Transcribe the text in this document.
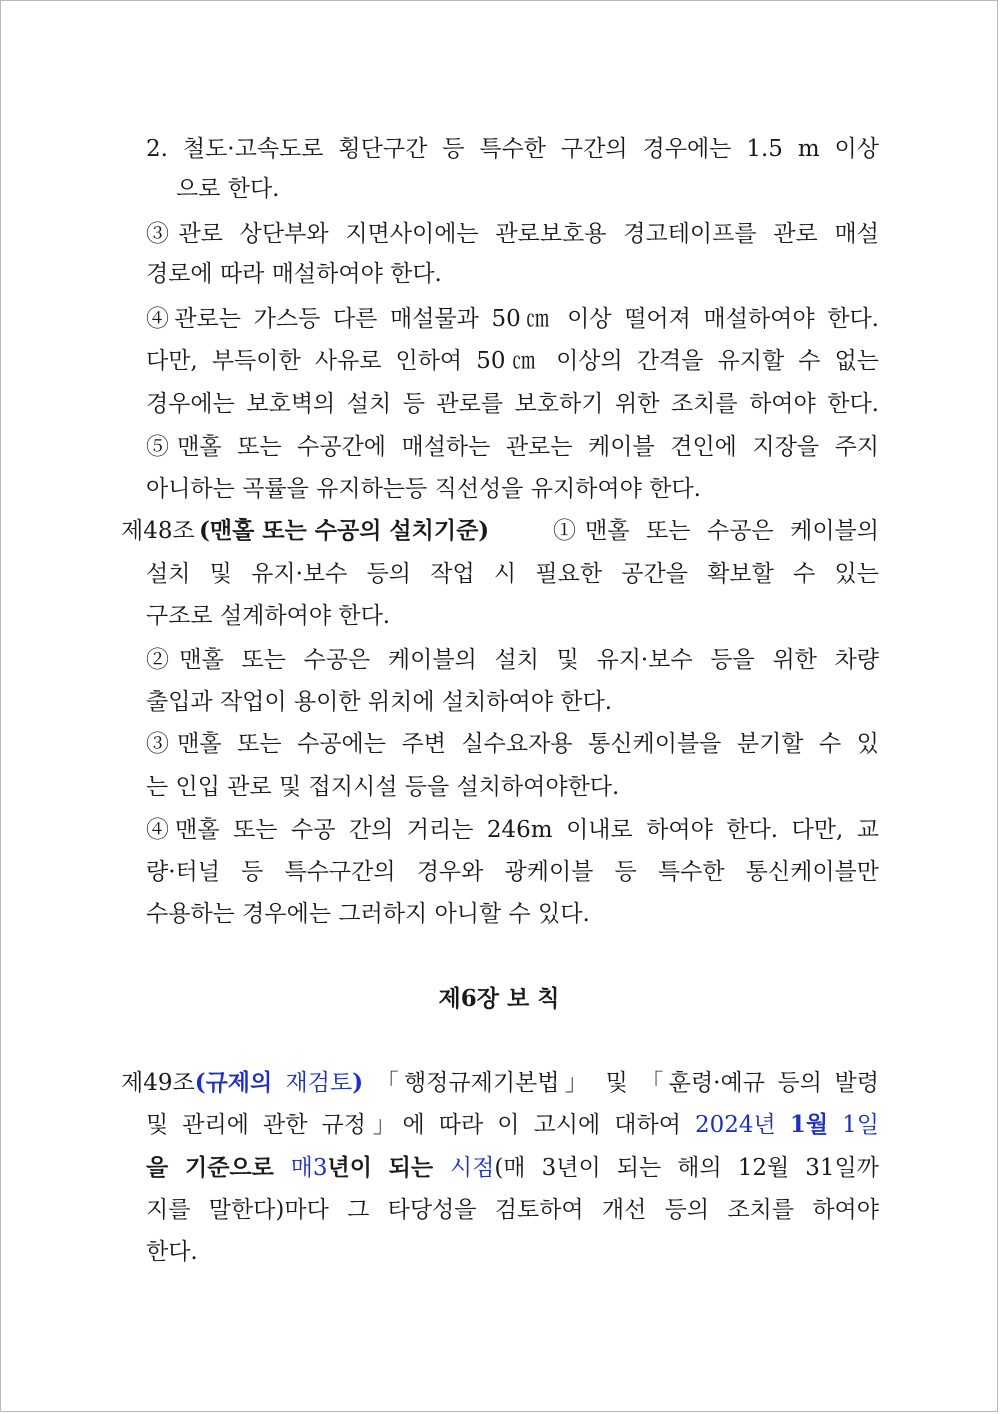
2. 철도·고속도로 횡단구간 등 특수한 구간의 경우에는 1.5 m 이상
으로 한다.
③관로 상단부와 지면사이에는 관로보호용 경고테이프를 관로 매설
경로에 따라 매설하여야 한다.
④관로는 가스등 다른 매설물과 50㎝ 이상 떨어져 매설하여야 한다.
다만, 부득이한 사유로 인하여 50㎝ 이상의 간격을 유지할 수 없는
경우에는 보호벽의 설치 등 관로를 보호하기 위한 조치를 하여야 한다.
⑤맨홀 또는 수공간에 매설하는 관로는 케이블 견인에 지장을 주지
아니하는 곡률을 유지하는등 직선성을 유지하여야 한다.
제48조 (맨홀 또는 수공의 설치기준)	①맨홀 또는 수공은 케이블의
설치 및 유지·보수 등의 작업 시 필요한 공간을 확보할 수 있는
구조로 설계하여야 한다.
②맨홀 또는 수공은 케이블의 설치 및 유지·보수 등을 위한 차량
출입과 작업이 용이한 위치에 설치하여야 한다.
③맨홀 또는 수공에는 주변 실수요자용 통신케이블을 분기할 수 있
는 인입 관로 및 접지시설 등을 설치하여야한다.
④맨홀 또는 수공 간의 거리는 246m 이내로 하여야 한다. 다만, 교
량·터널 등 특수구간의 경우와 광케이블 등 특수한 통신케이블만
수용하는 경우에는 그러하지 아니할 수 있다.
제6장 보 칙
제49조(규제의 재검토) 「행정규제기본법」 및 「훈령·예규 등의 발령
및 관리에 관한 규정」에 따라 이 고시에 대하여 2024년 1월 1일
을 기준으로 매3년이 되는 시점(매 3년이 되는 해의 12월 31일까
지를 말한다)마다 그 타당성을 검토하여 개선 등의 조치를 하여야
한다.
